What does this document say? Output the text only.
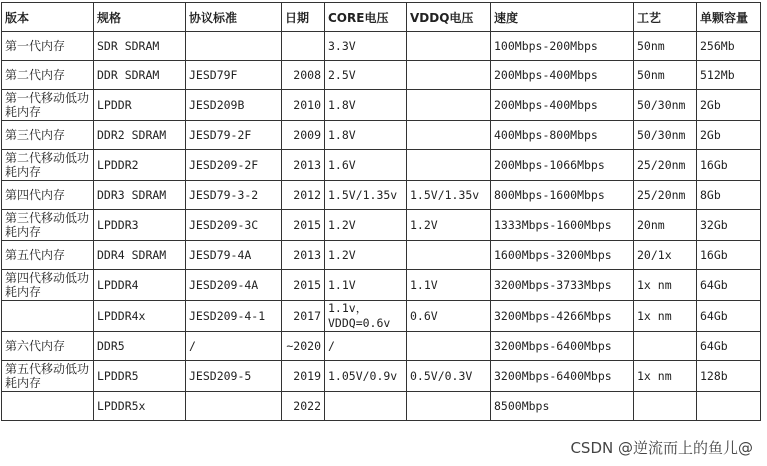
版本	规格	协议标准	日期	CORE电压	VDDQ电压	速度	工艺	单颗容量
第一代内存	SDR SDRAM			3.3V		100Mbps-200Mbps	50nm	256Mb
第二代内存	DDR SDRAM	JESD79F	2008	2.5V		200Mbps-400Mbps	50nm	512Mb
第一代移动低功耗内存	LPDDR	JESD209B	2010	1.8V		200Mbps-400Mbps	50/30nm	2Gb
第三代内存	DDR2 SDRAM	JESD79-2F	2009	1.8V		400Mbps-800Mbps	50/30nm	2Gb
第二代移动低功耗内存	LPDDR2	JESD209-2F	2013	1.6V		200Mbps-1066Mbps	25/20nm	16Gb
第四代内存	DDR3 SDRAM	JESD79-3-2	2012	1.5V/1.35v	1.5V/1.35v	800Mbps-1600Mbps	25/20nm	8Gb
第三代移动低功耗内存	LPDDR3	JESD209-3C	2015	1.2V	1.2V	1333Mbps-1600Mbps	20nm	32Gb
第五代内存	DDR4 SDRAM	JESD79-4A	2013	1.2V		1600Mbps-3200Mbps	20/1x	16Gb
第四代移动低功耗内存	LPDDR4	JESD209-4A	2015	1.1V	1.1V	3200Mbps-3733Mbps	1x nm	64Gb
	LPDDR4x	JESD209-4-1	2017	1.1v，VDDQ=0.6v	0.6V	3200Mbps-4266Mbps	1x nm	64Gb
第六代内存	DDR5	/	~2020	/		3200Mbps-6400Mbps		64Gb
第五代移动低功耗内存	LPDDR5	JESD209-5	2019	1.05V/0.9v	0.5V/0.3V	3200Mbps-6400Mbps	1x nm	128b
	LPDDR5x		2022			8500Mbps		
CSDN @逆流而上的鱼儿@
